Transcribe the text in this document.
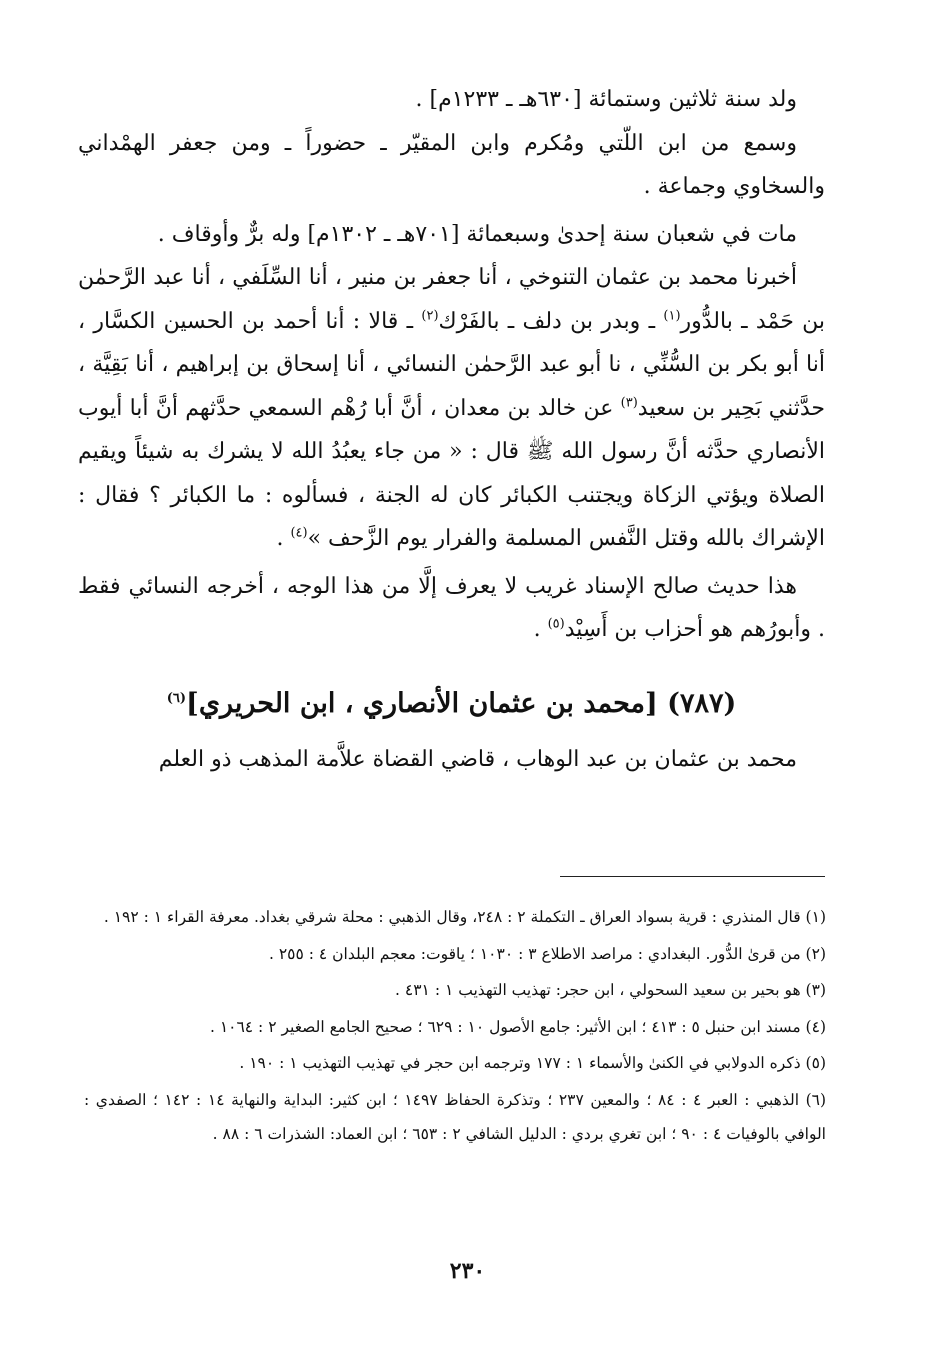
ولد سنة ثلاثين وستمائة [٦٣٠هـ ـ ١٢٣٣م] .

وسمع من ابن اللّتي ومُكرم وابن المقيّر ـ حضوراً ـ ومن جعفر الهمْداني والسخاوي وجماعة .

مات في شعبان سنة إحدىٰ وسبعمائة [٧٠١هـ ـ ١٣٠٢م] وله برٌّ وأوقاف .

أخبرنا محمد بن عثمان التنوخي ، أنا جعفر بن منير ، أنا السِّلَفي ، أنا عبد الرَّحمٰن بن حَمْد ـ بالدُّور$^{(١)}$ ـ وبدر بن دلف ـ بالفَرْك$^{(٢)}$ ـ قالا : أنا أحمد بن الحسين الكسَّار ، أنا أبو بكر بن السُّنِّي ، نا أبو عبد الرَّحمٰن النسائي ، أنا إسحاق بن إبراهيم ، أنا بَقِيَّة ، حدَّثني بَحِير بن سعيد$^{(٣)}$ عن خالد بن معدان ، أنَّ أبا رُهْم السمعي حدَّثهم أنَّ أبا أيوب الأنصاري حدَّثه أنَّ رسول الله ﷺ قال : « من جاء يعبُدُ الله لا يشرك به شيئاً ويقيم الصلاة ويؤتي الزكاة ويجتنب الكبائر كان له الجنة ، فسألوه : ما الكبائر ؟ فقال : الإشراك بالله وقتل النَّفس المسلمة والفرار يوم الزَّحف »$^{(٤)}$ .

هذا حديث صالح الإسناد غريب لا يعرف إلَّا من هذا الوجه ، أخرجه النسائي فقط . وأبورُهم هو أحزاب بن أَسِيْد$^{(٥)}$ .

(٧٨٧) [محمد بن عثمان الأنصاري ، ابن الحريري]$^{(٦)}$

محمد بن عثمان بن عبد الوهاب ، قاضي القضاة علاَّمة المذهب ذو العلم

(١) قال المنذري : قرية بسواد العراق ـ التكملة ٢ : ٢٤٨، وقال الذهبي : محلة شرقي بغداد. معرفة القراء ١ : ١٩٢ .

(٢) من قرىٰ الدُّور. البغدادي : مراصد الاطلاع ٣ : ١٠٣٠ ؛ ياقوت: معجم البلدان ٤ : ٢٥٥ .

(٣) هو بحير بن سعيد السحولي ، ابن حجر: تهذيب التهذيب ١ : ٤٣١ .

(٤) مسند ابن حنبل ٥ : ٤١٣ ؛ ابن الأثير: جامع الأصول ١٠ : ٦٢٩ ؛ صحيح الجامع الصغير ٢ : ١٠٦٤ .

(٥) ذكره الدولابي في الكنىٰ والأسماء ١ : ١٧٧ وترجمه ابن حجر في تهذيب التهذيب ١ : ١٩٠ .

(٦) الذهبي : العبر ٤ : ٨٤ ؛ والمعين ٢٣٧ ؛ وتذكرة الحفاظ ١٤٩٧ ؛ ابن كثير: البداية والنهاية ١٤ : ١٤٢ ؛ الصفدي : الوافي بالوفيات ٤ : ٩٠ ؛ ابن تغري بردي : الدليل الشافي ٢ : ٦٥٣ ؛ ابن العماد: الشذرات ٦ : ٨٨ .

٢٣٠
